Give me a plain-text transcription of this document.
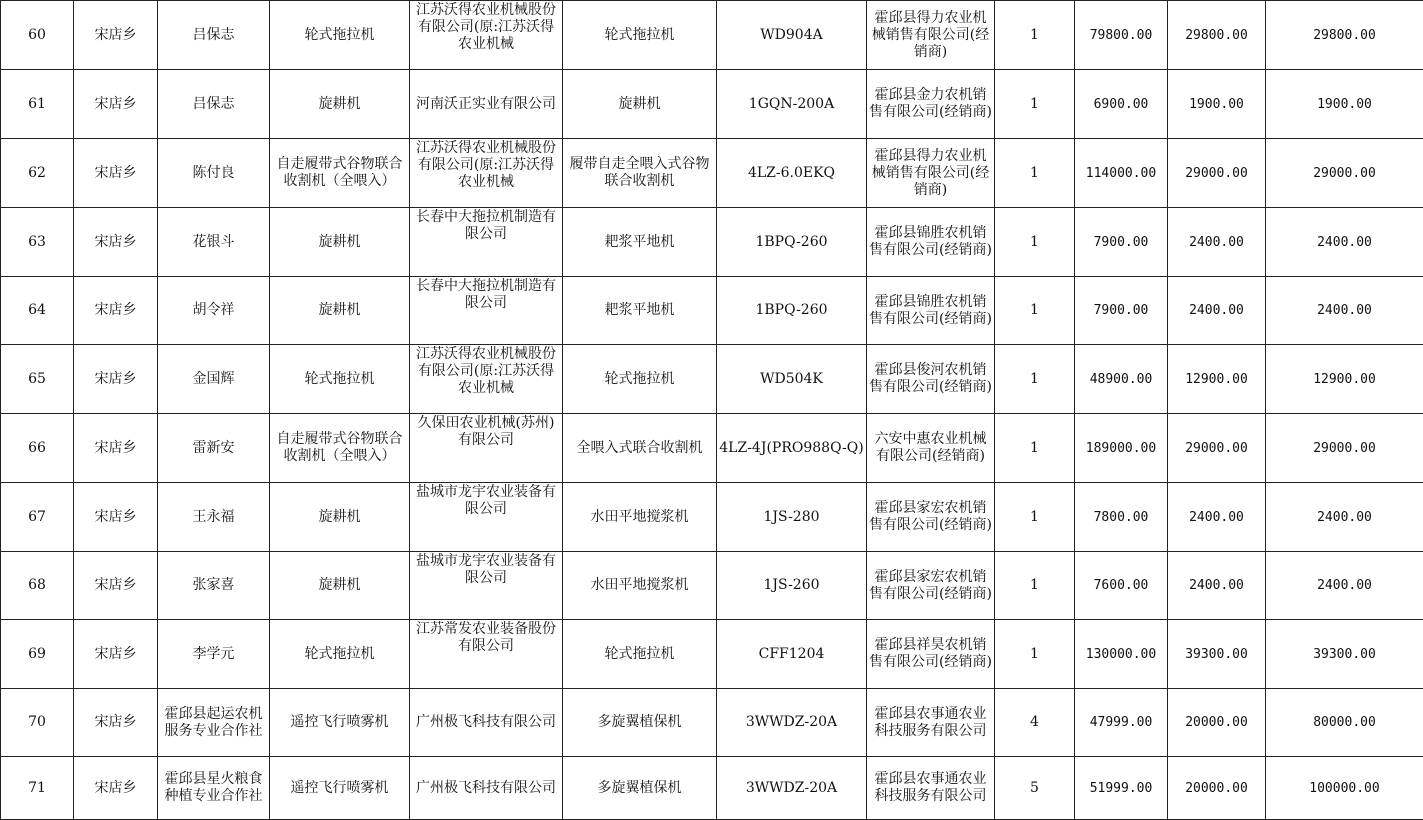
60	宋店乡	吕保志	轮式拖拉机	江苏沃得农业机械股份有限公司(原:江苏沃得农业机械	轮式拖拉机	WD904A	霍邱县得力农业机械销售有限公司(经销商)	1	79800.00	29800.00	29800.00
61	宋店乡	吕保志	旋耕机	河南沃正实业有限公司	旋耕机	1GQN-200A	霍邱县金力农机销售有限公司(经销商)	1	6900.00	1900.00	1900.00
62	宋店乡	陈付良	自走履带式谷物联合收割机（全喂入）	江苏沃得农业机械股份有限公司(原:江苏沃得农业机械	履带自走全喂入式谷物联合收割机	4LZ-6.0EKQ	霍邱县得力农业机械销售有限公司(经销商)	1	114000.00	29000.00	29000.00
63	宋店乡	花银斗	旋耕机	长春中大拖拉机制造有限公司	耙浆平地机	1BPQ-260	霍邱县锦胜农机销售有限公司(经销商)	1	7900.00	2400.00	2400.00
64	宋店乡	胡令祥	旋耕机	长春中大拖拉机制造有限公司	耙浆平地机	1BPQ-260	霍邱县锦胜农机销售有限公司(经销商)	1	7900.00	2400.00	2400.00
65	宋店乡	金国辉	轮式拖拉机	江苏沃得农业机械股份有限公司(原:江苏沃得农业机械	轮式拖拉机	WD504K	霍邱县俊河农机销售有限公司(经销商)	1	48900.00	12900.00	12900.00
66	宋店乡	雷新安	自走履带式谷物联合收割机（全喂入）	久保田农业机械(苏州)有限公司	全喂入式联合收割机	4LZ-4J(PRO988Q-Q)	六安中惠农业机械有限公司(经销商)	1	189000.00	29000.00	29000.00
67	宋店乡	王永福	旋耕机	盐城市龙宇农业装备有限公司	水田平地搅浆机	1JS-280	霍邱县家宏农机销售有限公司(经销商)	1	7800.00	2400.00	2400.00
68	宋店乡	张家喜	旋耕机	盐城市龙宇农业装备有限公司	水田平地搅浆机	1JS-260	霍邱县家宏农机销售有限公司(经销商)	1	7600.00	2400.00	2400.00
69	宋店乡	李学元	轮式拖拉机	江苏常发农业装备股份有限公司	轮式拖拉机	CFF1204	霍邱县祥昊农机销售有限公司(经销商)	1	130000.00	39300.00	39300.00
70	宋店乡	霍邱县起运农机服务专业合作社	遥控飞行喷雾机	广州极飞科技有限公司	多旋翼植保机	3WWDZ-20A	霍邱县农事通农业科技服务有限公司	4	47999.00	20000.00	80000.00
71	宋店乡	霍邱县星火粮食种植专业合作社	遥控飞行喷雾机	广州极飞科技有限公司	多旋翼植保机	3WWDZ-20A	霍邱县农事通农业科技服务有限公司	5	51999.00	20000.00	100000.00
